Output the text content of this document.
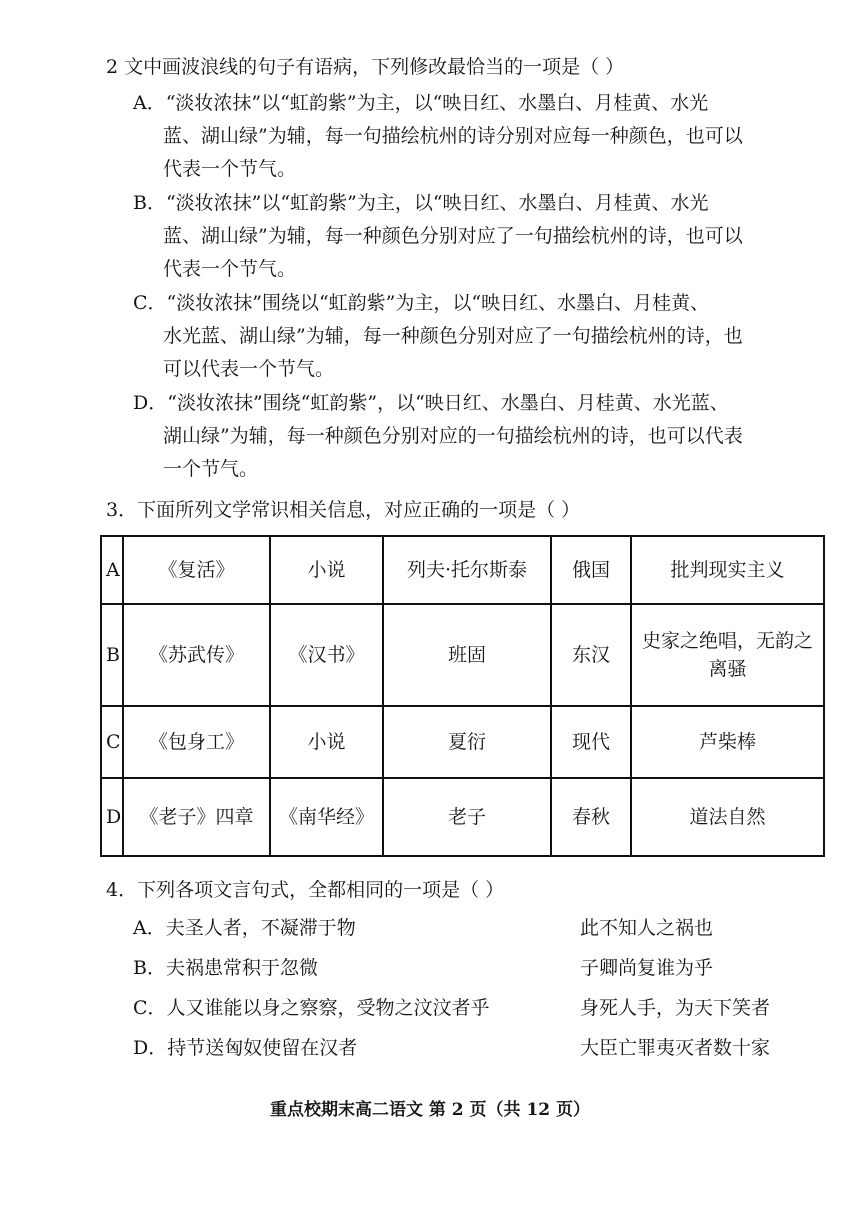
2 文中画波浪线的句子有语病，下列修改最恰当的一项是（ ）
A．“淡妆浓抹”以“虹韵紫”为主，以“映日红、水墨白、月桂黄、水光
蓝、湖山绿”为辅，每一句描绘杭州的诗分别对应每一种颜色，也可以
代表一个节气。
B．“淡妆浓抹”以“虹韵紫”为主，以“映日红、水墨白、月桂黄、水光
蓝、湖山绿”为辅，每一种颜色分别对应了一句描绘杭州的诗，也可以
代表一个节气。
C．“淡妆浓抹”围绕以“虹韵紫”为主，以“映日红、水墨白、月桂黄、
水光蓝、湖山绿”为辅，每一种颜色分别对应了一句描绘杭州的诗，也
可以代表一个节气。
D．“淡妆浓抹”围绕“虹韵紫”，以“映日红、水墨白、月桂黄、水光蓝、
湖山绿”为辅，每一种颜色分别对应的一句描绘杭州的诗，也可以代表
一个节气。
3．下面所列文学常识相关信息，对应正确的一项是（ ）
A	《复活》	小说	列夫·托尔斯泰	俄国	批判现实主义
B	《苏武传》	《汉书》	班固	东汉	史家之绝唱，无韵之离骚
C	《包身工》	小说	夏衍	现代	芦柴棒
D	《老子》四章	《南华经》	老子	春秋	道法自然
4．下列各项文言句式，全都相同的一项是（ ）
A．夫圣人者，不凝滞于物	此不知人之祸也
B．夫祸患常积于忽微	子卿尚复谁为乎
C．人又谁能以身之察察，受物之汶汶者乎	身死人手，为天下笑者
D．持节送匈奴使留在汉者	大臣亡罪夷灭者数十家
重点校期末高二语文 第 2 页（共 12 页）
